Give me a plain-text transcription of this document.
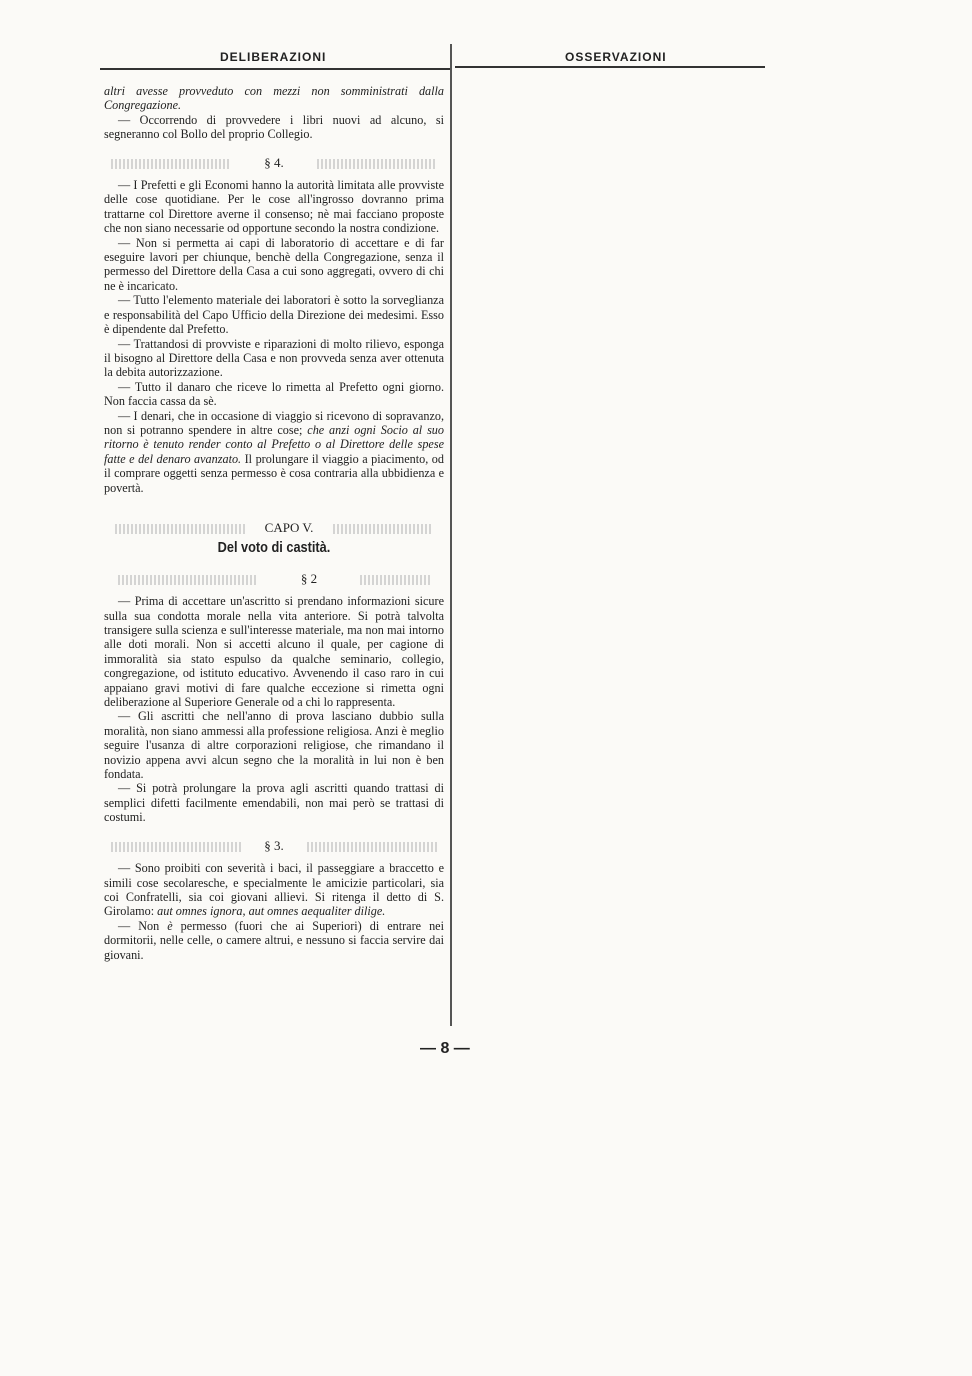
DELIBERAZIONI	OSSERVAZIONI

altri avesse provveduto con mezzi non somministrati dalla Congregazione.

— Occorrendo di provvedere i libri nuovi ad alcuno, si segneranno col Bollo del proprio Collegio.

§ 4.

— I Prefetti e gli Economi hanno la autorità limitata alle provviste delle cose quotidiane. Per le cose all'ingrosso dovranno prima trattarne col Direttore averne il consenso; nè mai facciano proposte che non siano necessarie od opportune secondo la nostra condizione.

— Non si permetta ai capi di laboratorio di accettare e di far eseguire lavori per chiunque, benchè della Congregazione, senza il permesso del Direttore della Casa a cui sono aggregati, ovvero di chi ne è incaricato.

— Tutto l'elemento materiale dei laboratori è sotto la sorveglianza e responsabilità del Capo Ufficio della Direzione dei medesimi. Esso è dipendente dal Prefetto.

— Trattandosi di provviste e riparazioni di molto rilievo, esponga il bisogno al Direttore della Casa e non provveda senza aver ottenuta la debita autorizzazione.

— Tutto il danaro che riceve lo rimetta al Prefetto ogni giorno. Non faccia cassa da sè.

— I denari, che in occasione di viaggio si ricevono di sopravanzo, non si potranno spendere in altre cose; che anzi ogni Socio al suo ritorno è tenuto render conto al Prefetto o al Direttore delle spese fatte e del denaro avanzato. Il prolungare il viaggio a piacimento, od il comprare oggetti senza permesso è cosa contraria alla ubbidienza e povertà.

CAPO V.
Del voto di castità.
§ 2

— Prima di accettare un'ascritto si prendano informazioni sicure sulla sua condotta morale nella vita anteriore. Si potrà talvolta transigere sulla scienza e sull'interesse materiale, ma non mai intorno alle doti morali. Non si accetti alcuno il quale, per cagione di immoralità sia stato espulso da qualche seminario, collegio, congregazione, od istituto educativo. Avvenendo il caso raro in cui appaiano gravi motivi di fare qualche eccezione si rimetta ogni deliberazione al Superiore Generale od a chi lo rappresenta.

— Gli ascritti che nell'anno di prova lasciano dubbio sulla moralità, non siano ammessi alla professione religiosa. Anzi è meglio seguire l'usanza di altre corporazioni religiose, che rimandano il novizio appena avvi alcun segno che la moralità in lui non è ben fondata.

— Si potrà prolungare la prova agli ascritti quando trattasi di semplici difetti facilmente emendabili, non mai però se trattasi di costumi.

§ 3.

— Sono proibiti con severità i baci, il passeggiare a braccetto e simili cose secolaresche, e specialmente le amicizie particolari, sia coi Confratelli, sia coi giovani allievi. Si ritenga il detto di S. Girolamo: aut omnes ignora, aut omnes aequaliter dilige.

— Non è permesso (fuori che ai Superiori) di entrare nei dormitorii, nelle celle, o camere altrui, e nessuno si faccia servire dai giovani.

— 8 —
